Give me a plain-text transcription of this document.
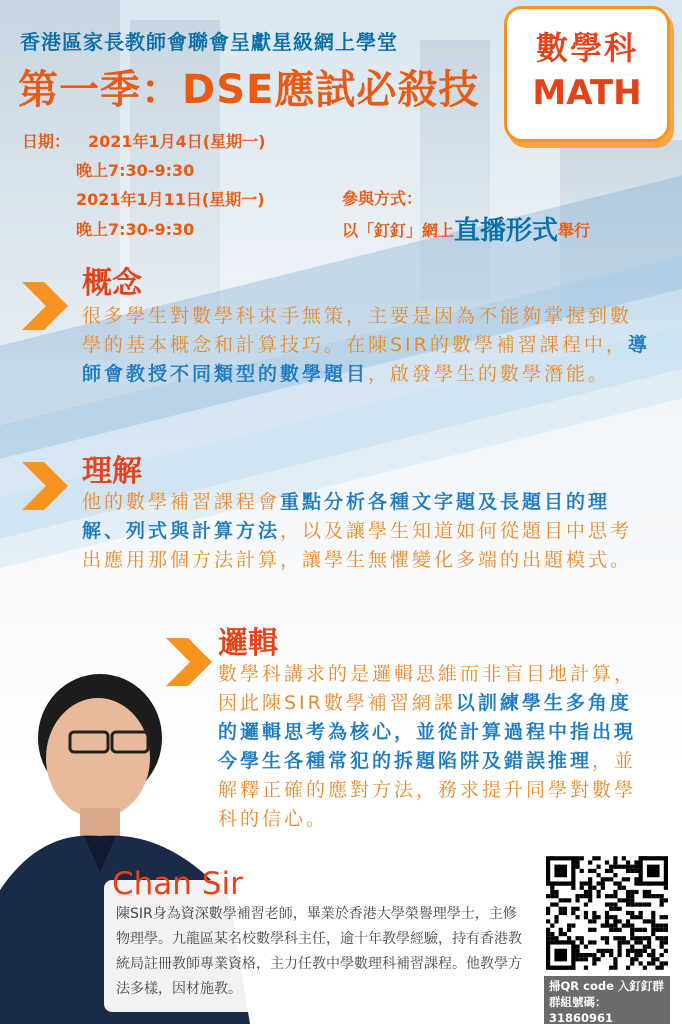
香港區家長教師會聯會呈獻星級網上學堂
第一季：DSE應試必殺技
數學科
MATH
日期： 2021年1月4日(星期一)
晚上7:30-9:30
2021年1月11日(星期一)
晚上7:30-9:30
參與方式：
以「釘釘」網上直播形式舉行
概念
很多學生對數學科束手無策，主要是因為不能夠掌握到數學的基本概念和計算技巧。在陳SIR的數學補習課程中，導師會教授不同類型的數學題目，啟發學生的數學潛能。
理解
他的數學補習課程會重點分析各種文字題及長題目的理解、列式與計算方法，以及讓學生知道如何從題目中思考出應用那個方法計算，讓學生無懼變化多端的出題模式。
邏輯
數學科講求的是邏輯思維而非盲目地計算，因此陳SIR數學補習網課以訓練學生多角度的邏輯思考為核心，並從計算過程中指出現今學生各種常犯的拆題陷阱及錯誤推理，並解釋正確的應對方法，務求提升同學對數學科的信心。
陳SIR身為資深數學補習老師，畢業於香港大學榮譽理學士，主修物理學。九龍區某名校數學科主任，逾十年教學經驗，持有香港教統局註冊教師專業資格，主力任教中學數理科補習課程。他教學方法多樣，因材施教。
Chan Sir
掃QR code 入釘釘群
群組號碼：31860961
